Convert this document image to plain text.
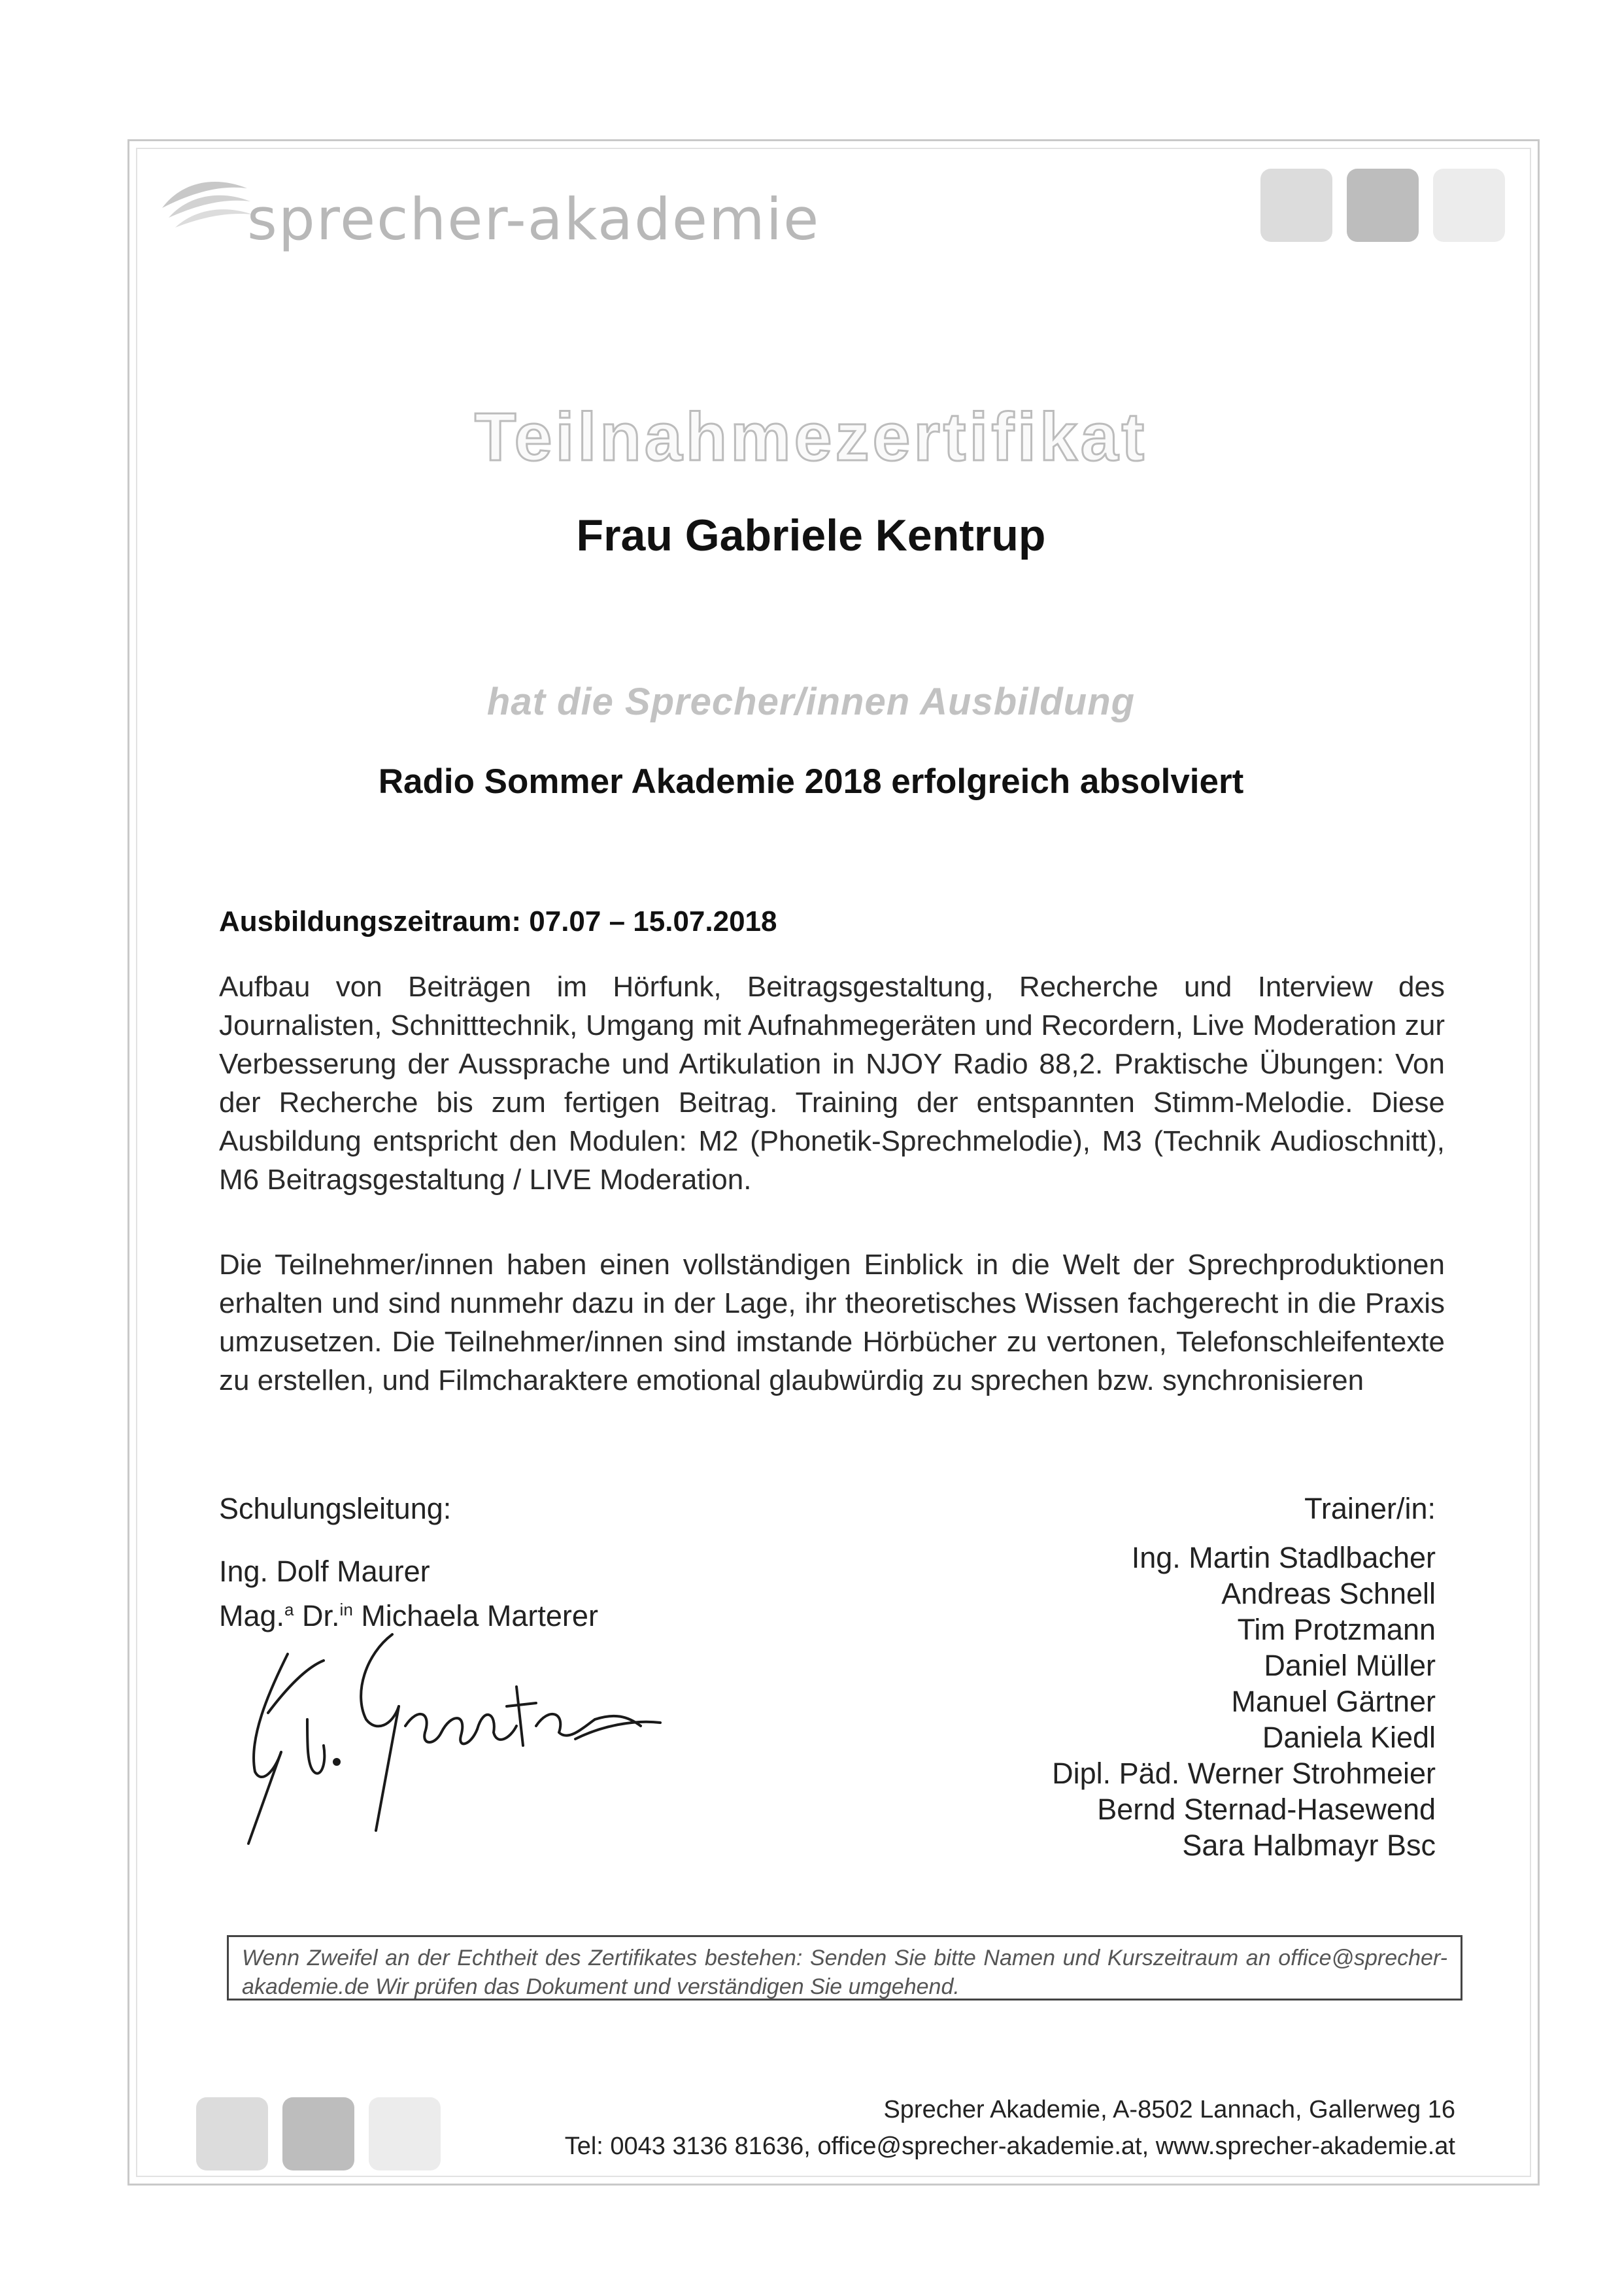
sprecher-akademie
Teilnahmezertifikat
Frau Gabriele Kentrup
hat die Sprecher/innen Ausbildung
Radio Sommer Akademie 2018 erfolgreich absolviert
Ausbildungszeitraum: 07.07 – 15.07.2018
Aufbau von Beiträgen im Hörfunk, Beitragsgestaltung, Recherche und Interview des Journalisten, Schnitttechnik, Umgang mit Aufnahmegeräten und Recordern, Live Moderation zur Verbesserung der Aussprache und Artikulation in NJOY Radio 88,2. Praktische Übungen: Von der Recherche bis zum fertigen Beitrag. Training der entspannten Stimm-Melodie. Diese Ausbildung entspricht den Modulen: M2 (Phonetik-Sprechmelodie), M3 (Technik Audioschnitt), M6 Beitragsgestaltung / LIVE Moderation.
Die Teilnehmer/innen haben einen vollständigen Einblick in die Welt der Sprechproduktionen erhalten und sind nunmehr dazu in der Lage, ihr theoretisches Wissen fachgerecht in die Praxis umzusetzen. Die Teilnehmer/innen sind imstande Hörbücher zu vertonen, Telefonschleifentexte zu erstellen, und Filmcharaktere emotional glaubwürdig zu sprechen bzw. synchronisieren
Schulungsleitung:
Ing. Dolf Maurer
Mag.$^a$ Dr.$^{in}$ Michaela Marterer
Trainer/in:
Ing. Martin Stadlbacher
Andreas Schnell
Tim Protzmann
Daniel Müller
Manuel Gärtner
Daniela Kiedl
Dipl. Päd. Werner Strohmeier
Bernd Sternad-Hasewend
Sara Halbmayr Bsc
Wenn Zweifel an der Echtheit des Zertifikates bestehen: Senden Sie bitte Namen und Kurszeitraum an office@sprecher-akademie.de Wir prüfen das Dokument und verständigen Sie umgehend.
Sprecher Akademie, A-8502 Lannach, Gallerweg 16
Tel: 0043 3136 81636, office@sprecher-akademie.at, www.sprecher-akademie.at
